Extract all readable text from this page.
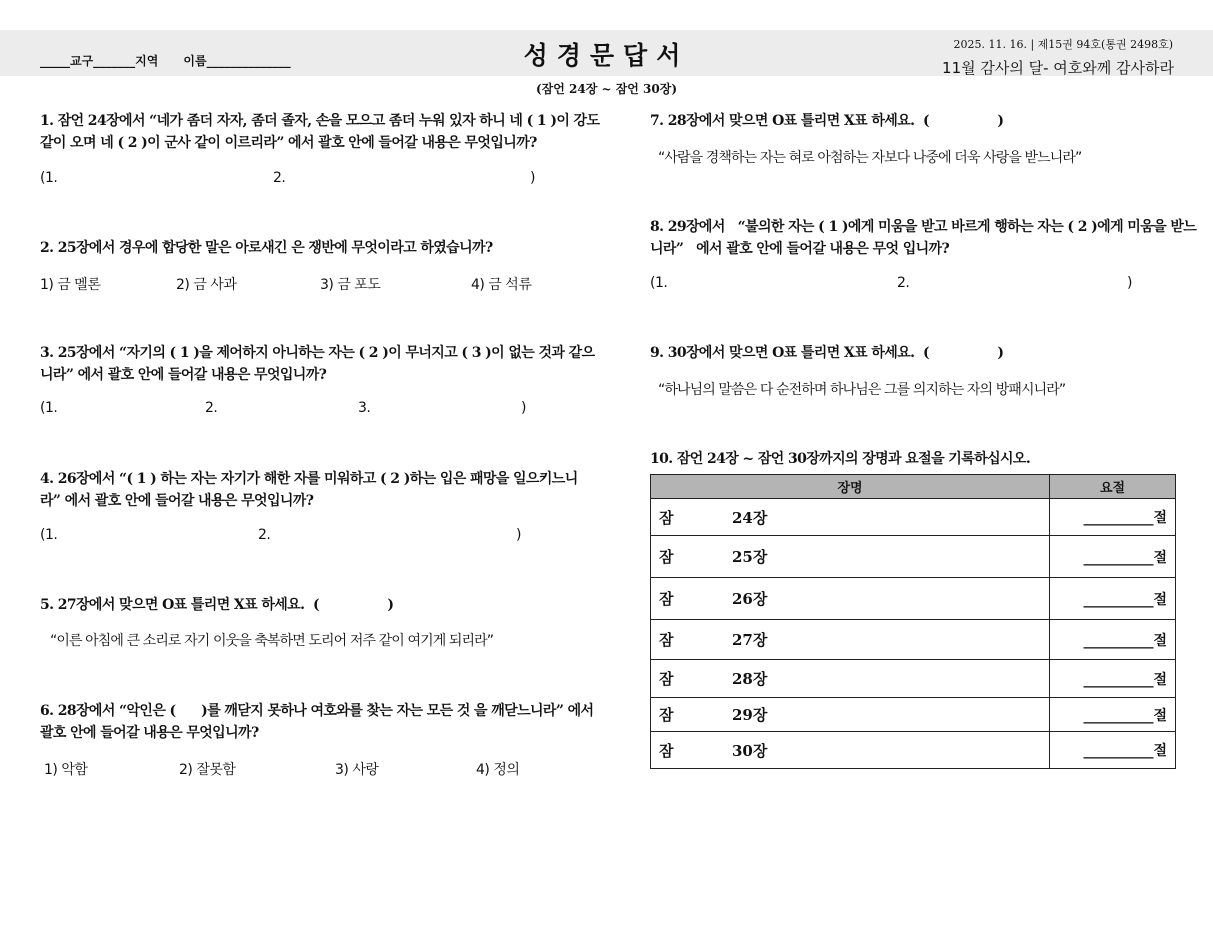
_____교구_______지역      이름______________	성경문답서	2025. 11. 16. | 제15권 94호(통권 2498호)
11월 감사의 달- 여호와께 감사하라
(잠언 24장 ~ 잠언 30장)
1. 잠언 24장에서 “네가 좀더 자자, 좀더 졸자, 손을 모으고 좀더 누워 있자 하니 네 ( 1 )이 강도
같이 오며 네 ( 2 )이 군사 같이 이르리라” 에서 괄호 안에 들어갈 내용은 무엇입니까?
(1.	2.	)
2. 25장에서 경우에 합당한 말은 아로새긴 은 쟁반에 무엇이라고 하였습니까?
1) 금 멜론	2) 금 사과	3) 금 포도	4) 금 석류
3. 25장에서 “자기의 ( 1 )을 제어하지 아니하는 자는 ( 2 )이 무너지고 ( 3 )이 없는 것과 같으
니라” 에서 괄호 안에 들어갈 내용은 무엇입니까?
(1.	2.	3.	)
4. 26장에서 “( 1 ) 하는 자는 자기가 해한 자를 미워하고 ( 2 )하는 입은 패망을 일으키느니
라” 에서 괄호 안에 들어갈 내용은 무엇입니까?
(1.	2.	)
5. 27장에서 맞으면 O표 틀리면 X표 하세요.  (                )
“이른 아침에 큰 소리로 자기 이웃을 축복하면 도리어 저주 같이 여기게 되리라”
6. 28장에서 “악인은 (      )를 깨닫지 못하나 여호와를 찾는 자는 모든 것 을 깨닫느니라” 에서
괄호 안에 들어갈 내용은 무엇입니까?
1) 악함	2) 잘못함	3) 사랑	4) 정의
7. 28장에서 맞으면 O표 틀리면 X표 하세요.  (                )
“사람을 경책하는 자는 혀로 아첨하는 자보다 나중에 더욱 사랑을 받느니라”
8. 29장에서   “불의한 자는 ( 1 )에게 미움을 받고 바르게 행하는 자는 ( 2 )에게 미움을 받느
니라”   에서 괄호 안에 들어갈 내용은 무엇 입니까?
(1.	2.	)
9. 30장에서 맞으면 O표 틀리면 X표 하세요.  (                )
“하나님의 말씀은 다 순전하며 하나님은 그를 의지하는 자의 방패시니라”
10. 잠언 24장 ~ 잠언 30장까지의 장명과 요절을 기록하십시오.
장명	요절
잠 24장	__________절
잠 25장	__________절
잠 26장	__________절
잠 27장	__________절
잠 28장	__________절
잠 29장	__________절
잠 30장	__________절
